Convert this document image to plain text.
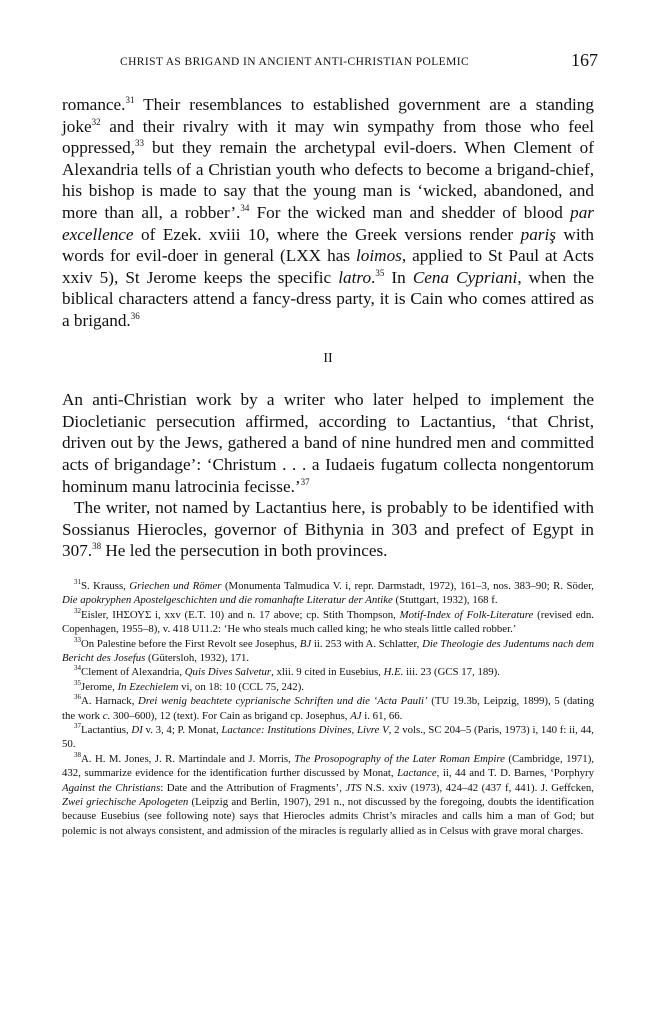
CHRIST AS BRIGAND IN ANCIENT ANTI-CHRISTIAN POLEMIC	167

romance.$^{31}$ Their resemblances to established government are a standing joke$^{32}$ and their rivalry with it may win sympathy from those who feel oppressed,$^{33}$ but they remain the archetypal evil-doers. When Clement of Alexandria tells of a Christian youth who defects to become a brigand-chief, his bishop is made to say that the young man is ‘wicked, abandoned, and more than all, a robber’.$^{34}$ For the wicked man and shedder of blood par excellence of Ezek. xviii 10, where the Greek versions render pariş with words for evil-doer in general (LXX has loimos, applied to St Paul at Acts xxiv 5), St Jerome keeps the specific latro.$^{35}$ In Cena Cypriani, when the biblical characters attend a fancy-dress party, it is Cain who comes attired as a brigand.$^{36}$

II

An anti-Christian work by a writer who later helped to implement the Diocletianic persecution affirmed, according to Lactantius, ‘that Christ, driven out by the Jews, gathered a band of nine hundred men and committed acts of brigandage’: ‘Christum . . . a Iudaeis fugatum collecta nongentorum hominum manu latrocinia fecisse.’$^{37}$

The writer, not named by Lactantius here, is probably to be identified with Sossianus Hierocles, governor of Bithynia in 303 and prefect of Egypt in 307.38 He led the persecution in both provinces.

$^{31}$S. Krauss, Griechen und Römer (Monumenta Talmudica V. i, repr. Darmstadt, 1972), 161–3, nos. 383–90; R. Söder, Die apokryphen Apostelgeschichten und die romanhafte Literatur der Antike (Stuttgart, 1932), 168 f.

$^{32}$Eisler, ΙΗΣΟΥΣ i, xxv (E.T. 10) and n. 17 above; cp. Stith Thompson, Motif-Index of Folk-Literature (revised edn. Copenhagen, 1955–8), v. 418 U11.2: ‘He who steals much called king; he who steals little called robber.’

$^{33}$On Palestine before the First Revolt see Josephus, BJ ii. 253 with A. Schlatter, Die Theologie des Judentums nach dem Bericht des Josefus (Gütersloh, 1932), 171.

$^{34}$Clement of Alexandria, Quis Dives Salvetur, xlii. 9 cited in Eusebius, H.E. iii. 23 (GCS 17, 189).

$^{35}$Jerome, In Ezechielem vi, on 18: 10 (CCL 75, 242).

$^{36}$A. Harnack, Drei wenig beachtete cyprianische Schriften und die ‘Acta Pauli’ (TU 19.3b, Leipzig, 1899), 5 (dating the work c. 300–600), 12 (text). For Cain as brigand cp. Josephus, AJ i. 61, 66.

$^{37}$Lactantius, DI v. 3, 4; P. Monat, Lactance: Institutions Divines, Livre V, 2 vols., SC 204–5 (Paris, 1973) i, 140 f: ii, 44, 50.

$^{38}$A. H. M. Jones, J. R. Martindale and J. Morris, The Prosopography of the Later Roman Empire (Cambridge, 1971), 432, summarize evidence for the identification further discussed by Monat, Lactance, ii, 44 and T. D. Barnes, ‘Porphyry Against the Christians: Date and the Attribution of Fragments’, JTS N.S. xxiv (1973), 424–42 (437 f, 441). J. Geffcken, Zwei griechische Apologeten (Leipzig and Berlin, 1907), 291 n., not discussed by the foregoing, doubts the identification because Eusebius (see following note) says that Hierocles admits Christ’s miracles and calls him a man of God; but polemic is not always consistent, and admission of the miracles is regularly allied as in Celsus with grave moral charges.
